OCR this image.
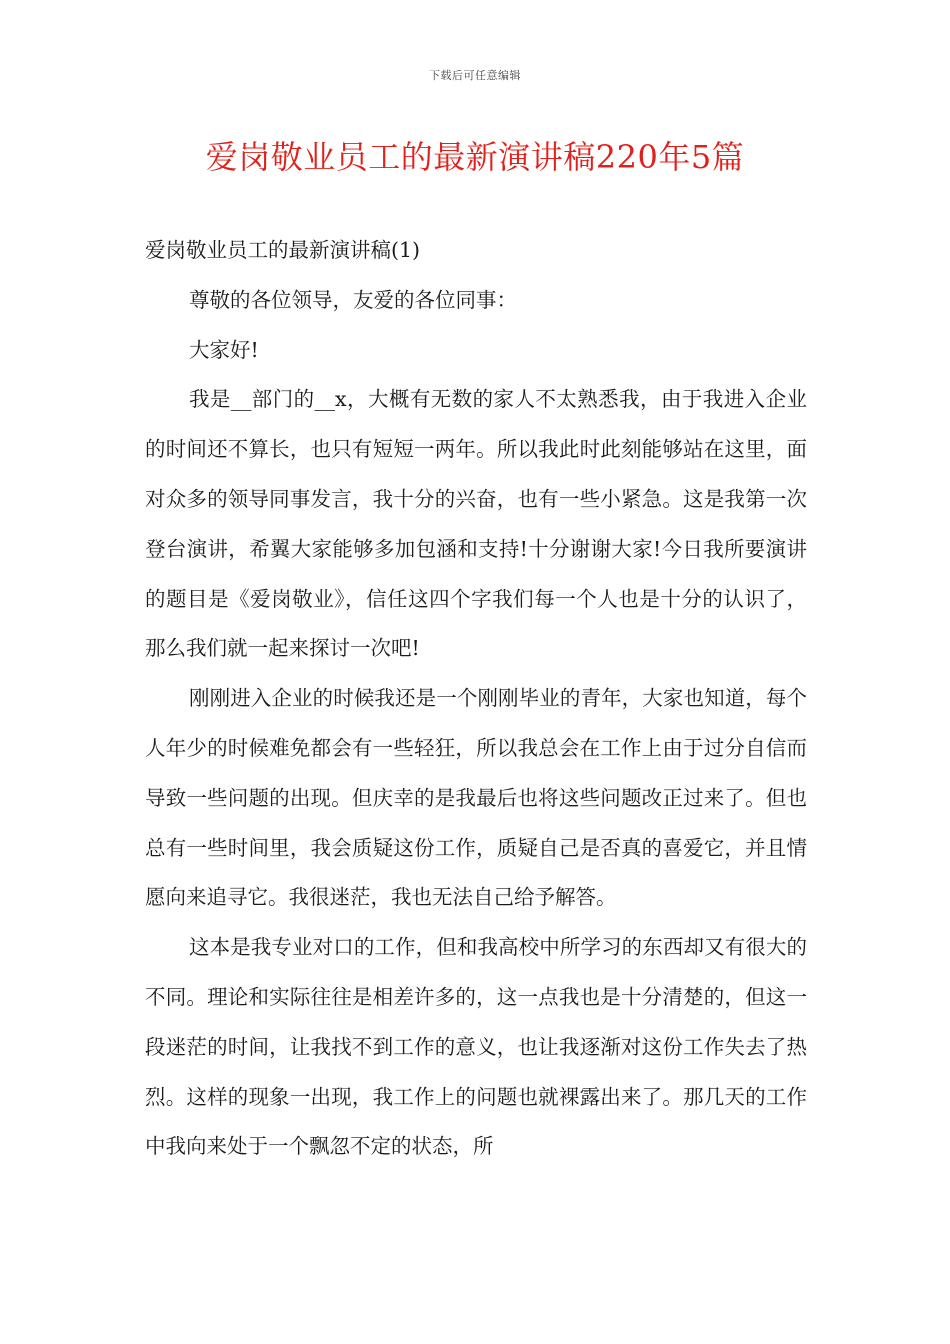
下载后可任意编辑
爱岗敬业员工的最新演讲稿220年5篇

爱岗敬业员工的最新演讲稿(1)

尊敬的各位领导，友爱的各位同事：

大家好!

我是__部门的__x，大概有无数的家人不太熟悉我，由于我进入企业的时间还不算长，也只有短短一两年。所以我此时此刻能够站在这里，面对众多的领导同事发言，我十分的兴奋，也有一些小紧急。这是我第一次登台演讲，希翼大家能够多加包涵和支持!十分谢谢大家!今日我所要演讲的题目是《爱岗敬业》，信任这四个字我们每一个人也是十分的认识了，那么我们就一起来探讨一次吧!

刚刚进入企业的时候我还是一个刚刚毕业的青年，大家也知道，每个人年少的时候难免都会有一些轻狂，所以我总会在工作上由于过分自信而导致一些问题的出现。但庆幸的是我最后也将这些问题改正过来了。但也总有一些时间里，我会质疑这份工作，质疑自己是否真的喜爱它，并且情愿向来追寻它。我很迷茫，我也无法自己给予解答。

这本是我专业对口的工作，但和我高校中所学习的东西却又有很大的不同。理论和实际往往是相差许多的，这一点我也是十分清楚的，但这一段迷茫的时间，让我找不到工作的意义，也让我逐渐对这份工作失去了热烈。这样的现象一出现，我工作上的问题也就裸露出来了。那几天的工作中我向来处于一个飘忽不定的状态，所
